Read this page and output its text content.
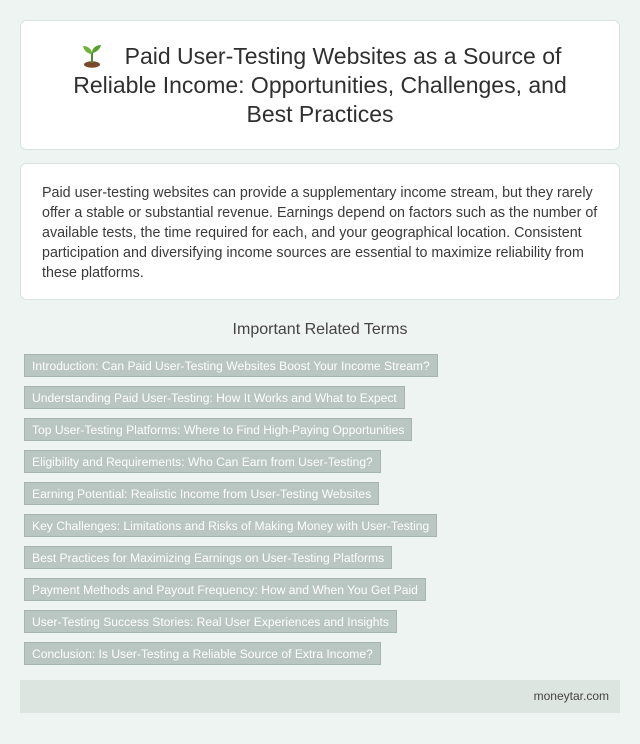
Paid User-Testing Websites as a Source of Reliable Income: Opportunities, Challenges, and Best Practices

Paid user-testing websites can provide a supplementary income stream, but they rarely offer a stable or substantial revenue. Earnings depend on factors such as the number of available tests, the time required for each, and your geographical location. Consistent participation and diversifying income sources are essential to maximize reliability from these platforms.

Important Related Terms
Introduction: Can Paid User-Testing Websites Boost Your Income Stream?
Understanding Paid User-Testing: How It Works and What to Expect
Top User-Testing Platforms: Where to Find High-Paying Opportunities
Eligibility and Requirements: Who Can Earn from User-Testing?
Earning Potential: Realistic Income from User-Testing Websites
Key Challenges: Limitations and Risks of Making Money with User-Testing
Best Practices for Maximizing Earnings on User-Testing Platforms
Payment Methods and Payout Frequency: How and When You Get Paid
User-Testing Success Stories: Real User Experiences and Insights
Conclusion: Is User-Testing a Reliable Source of Extra Income?
moneytar.com
